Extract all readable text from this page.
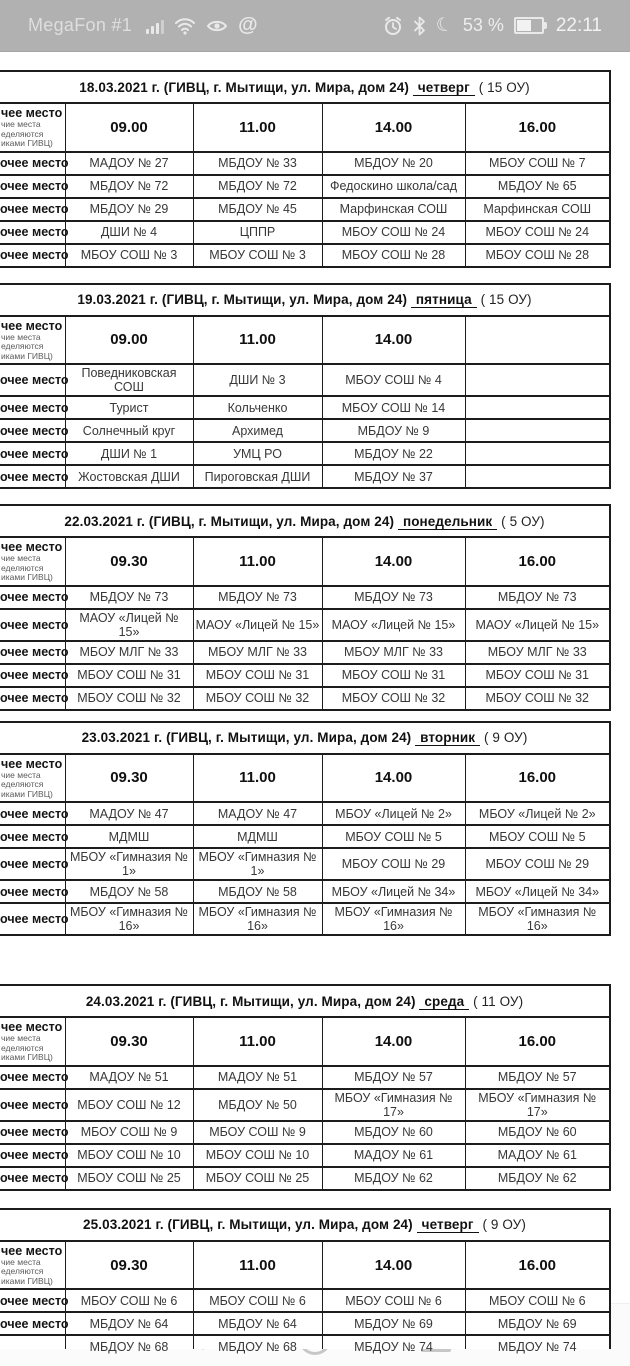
MegaFon #1	@	☾ 53 %	22:11
18.03.2021 г. (ГИВЦ, г. Мытищи, ул. Мира, дом 24) четверг ( 15 ОУ)				

чее место
чие места
еделяются
иками ГИВЦ)	09.00	11.00	14.00	16.00
очее место	МАДОУ № 27	МБДОУ № 33	МБДОУ № 20	МБОУ СОШ № 7
очее место	МБДОУ № 72	МБДОУ № 72	Федоскино школа/сад	МБДОУ № 65
очее место	МБДОУ № 29	МБДОУ № 45	Марфинская СОШ	Марфинская СОШ
очее место	ДШИ № 4	ЦППР	МБОУ СОШ № 24	МБОУ СОШ № 24
очее место	МБОУ СОШ № 3	МБОУ СОШ № 3	МБОУ СОШ № 28	МБОУ СОШ № 28
19.03.2021 г. (ГИВЦ, г. Мытищи, ул. Мира, дом 24) пятница ( 15 ОУ)				

чее место
чие места
еделяются
иками ГИВЦ)	09.00	11.00	14.00	
очее место	Поведниковская СОШ	ДШИ № 3	МБОУ СОШ № 4	
очее место	Турист	Кольченко	МБОУ СОШ № 14	
очее место	Солнечный круг	Архимед	МБДОУ № 9	
очее место	ДШИ № 1	УМЦ РО	МБДОУ № 22	
очее место	Жостовская ДШИ	Пироговская ДШИ	МБДОУ № 37	
22.03.2021 г. (ГИВЦ, г. Мытищи, ул. Мира, дом 24) понедельник ( 5 ОУ)				

чее место
чие места
еделяются
иками ГИВЦ)	09.30	11.00	14.00	16.00
очее место	МБДОУ № 73	МБДОУ № 73	МБДОУ № 73	МБДОУ № 73
очее место	МАОУ «Лицей № 15»	МАОУ «Лицей № 15»	МАОУ «Лицей № 15»	МАОУ «Лицей № 15»
очее место	МБОУ МЛГ № 33	МБОУ МЛГ № 33	МБОУ МЛГ № 33	МБОУ МЛГ № 33
очее место	МБОУ СОШ № 31	МБОУ СОШ № 31	МБОУ СОШ № 31	МБОУ СОШ № 31
очее место	МБОУ СОШ № 32	МБОУ СОШ № 32	МБОУ СОШ № 32	МБОУ СОШ № 32
23.03.2021 г. (ГИВЦ, г. Мытищи, ул. Мира, дом 24) вторник ( 9 ОУ)				

чее место
чие места
еделяются
иками ГИВЦ)	09.30	11.00	14.00	16.00
очее место	МАДОУ № 47	МАДОУ № 47	МБОУ «Лицей № 2»	МБОУ «Лицей № 2»
очее место	МДМШ	МДМШ	МБОУ СОШ № 5	МБОУ СОШ № 5
очее место	МБОУ «Гимназия № 1»	МБОУ «Гимназия № 1»	МБОУ СОШ № 29	МБОУ СОШ № 29
очее место	МБДОУ № 58	МБДОУ № 58	МБОУ «Лицей № 34»	МБОУ «Лицей № 34»
очее место	МБОУ «Гимназия № 16»	МБОУ «Гимназия № 16»	МБОУ «Гимназия № 16»	МБОУ «Гимназия № 16»
24.03.2021 г. (ГИВЦ, г. Мытищи, ул. Мира, дом 24) среда ( 11 ОУ)				

чее место
чие места
еделяются
иками ГИВЦ)	09.30	11.00	14.00	16.00
очее место	МАДОУ № 51	МАДОУ № 51	МБДОУ № 57	МБДОУ № 57
очее место	МБОУ СОШ № 12	МБДОУ № 50	МБОУ «Гимназия № 17»	МБОУ «Гимназия № 17»
очее место	МБОУ СОШ № 9	МБОУ СОШ № 9	МБДОУ № 60	МБДОУ № 60
очее место	МБОУ СОШ № 10	МБОУ СОШ № 10	МАДОУ № 61	МАДОУ № 61
очее место	МБОУ СОШ № 25	МБОУ СОШ № 25	МБДОУ № 62	МБДОУ № 62
25.03.2021 г. (ГИВЦ, г. Мытищи, ул. Мира, дом 24) четверг ( 9 ОУ)				

чее место
чие места
еделяются
иками ГИВЦ)	09.30	11.00	14.00	16.00
очее место	МБОУ СОШ № 6	МБОУ СОШ № 6	МБОУ СОШ № 6	МБОУ СОШ № 6
очее место	МБДОУ № 64	МБДОУ № 64	МБДОУ № 69	МБДОУ № 69

	МБДОУ № 68	МБДОУ № 68	МБДОУ № 74	МБДОУ № 74
